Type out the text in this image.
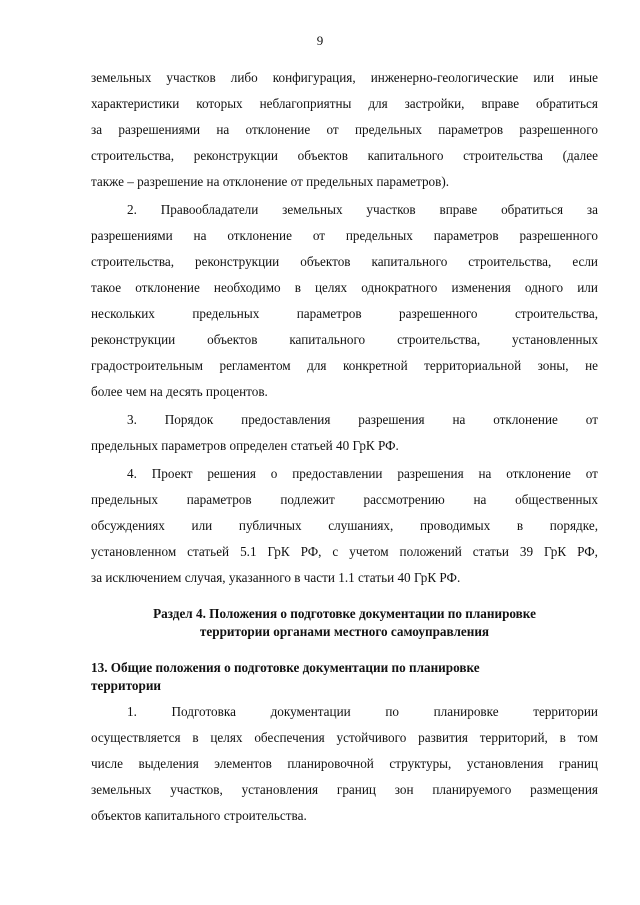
9
земельных участков либо конфигурация, инженерно-геологические или иные
характеристики которых неблагоприятны для застройки, вправе обратиться
за разрешениями на отклонение от предельных параметров разрешенного
строительства, реконструкции объектов капитального строительства (далее
также – разрешение на отклонение от предельных параметров).
2. Правообладатели земельных участков вправе обратиться за
разрешениями на отклонение от предельных параметров разрешенного
строительства, реконструкции объектов капитального строительства, если
такое отклонение необходимо в целях однократного изменения одного или
нескольких	предельных	параметров	разрешенного	строительства,
реконструкции объектов капитального строительства, установленных
градостроительным регламентом для конкретной территориальной зоны, не
более чем на десять процентов.
3. Порядок предоставления разрешения на отклонение от
предельных параметров определен статьей 40 ГрК РФ.
4. Проект решения о предоставлении разрешения на отклонение от
предельных параметров подлежит рассмотрению на общественных
обсуждениях или публичных слушаниях, проводимых в порядке,
установленном статьей 5.1 ГрК РФ, с учетом положений статьи 39 ГрК РФ,
за исключением случая, указанного в части 1.1 статьи 40 ГрК РФ.
Раздел 4. Положения о подготовке документации по планировке
территории органами местного самоуправления
13. Общие положения о подготовке документации по планировке
территории
1.	Подготовка	документации	по	планировке	территории
осуществляется в целях обеспечения устойчивого развития территорий, в том
числе выделения элементов планировочной структуры, установления границ
земельных участков, установления границ зон планируемого размещения
объектов капитального строительства.
